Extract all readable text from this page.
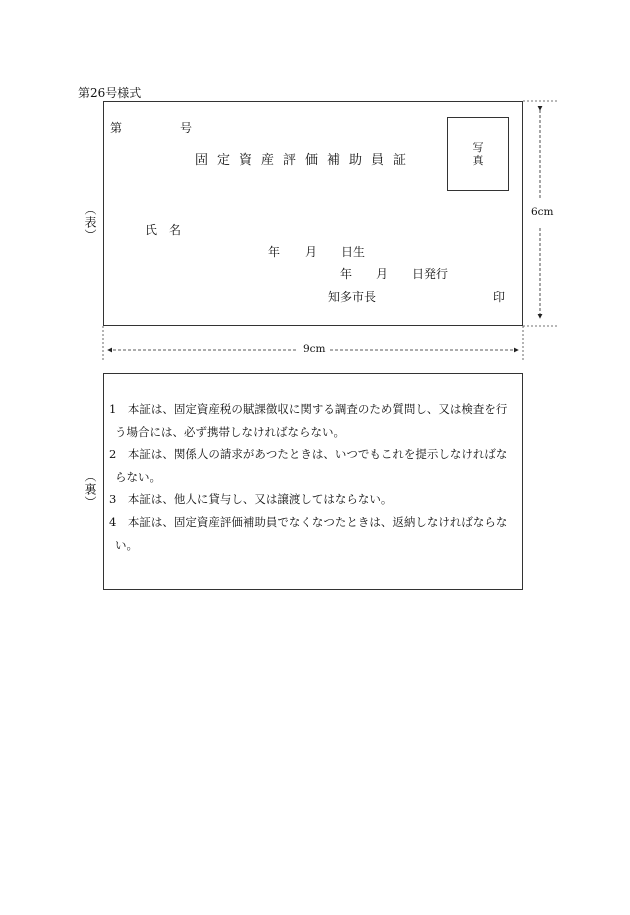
第26号様式
6cm
9cm
（表）
第	号
固定資産評価補助員証
写真
氏　名
年 月 日生
年 月 日発行
知多市長	印
（裏）
1　 本証は、固定資産税の賦課徴収に関する調査のため質問し、又は検査を行
う場合には、必ず携帯しなければならない。
2　 本証は、関係人の請求があつたときは、いつでもこれを提示しなければな
らない。
3　 本証は、他人に貸与し、又は譲渡してはならない。
4　 本証は、固定資産評価補助員でなくなつたときは、返納しなければならな
い。
